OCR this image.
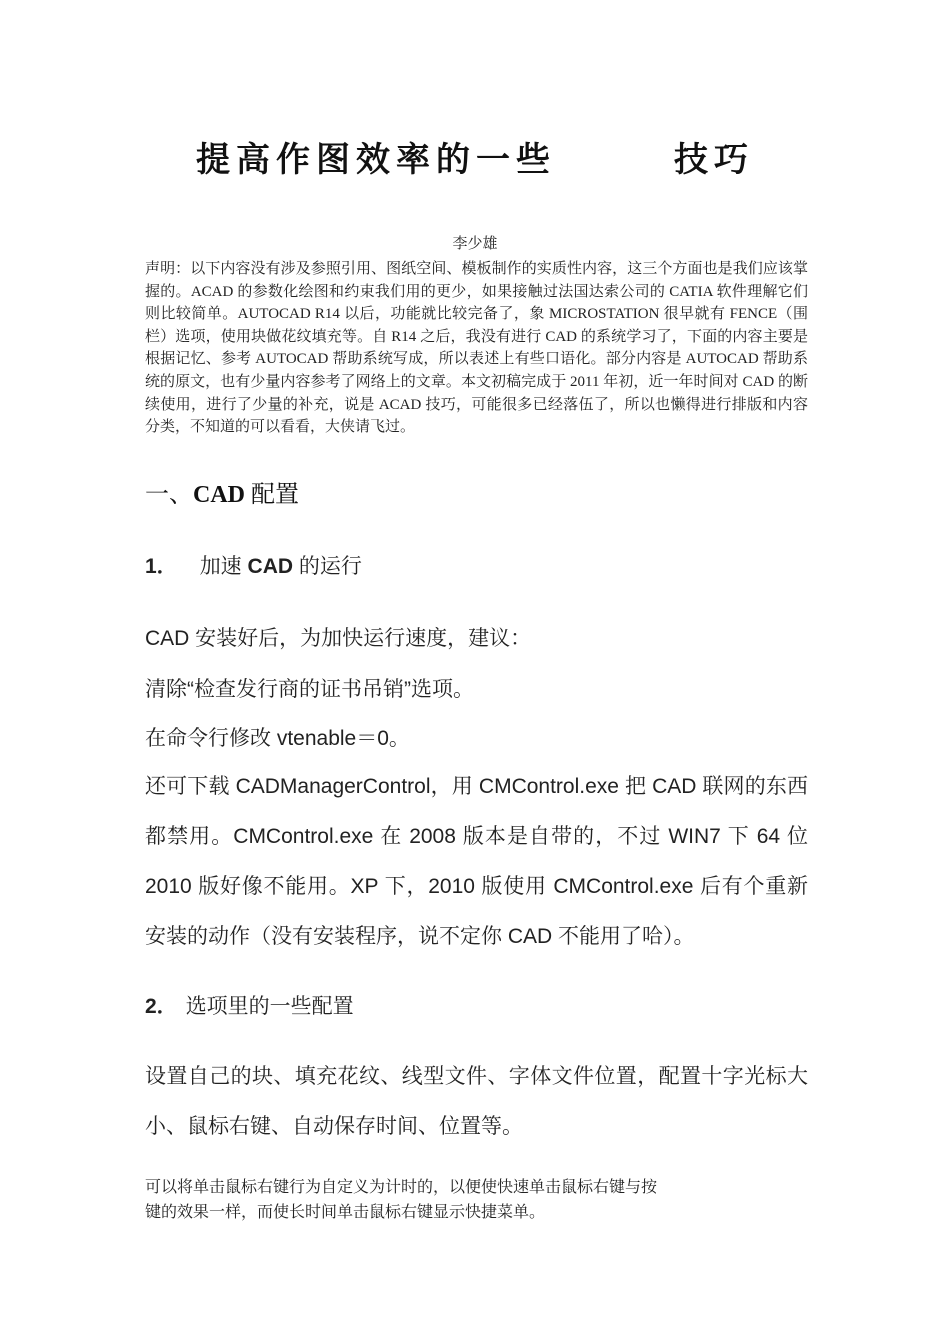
提高作图效率的一些	技巧
李少雄
声明：以下内容没有涉及参照引用、图纸空间、模板制作的实质性内容，这三个方面也是我们应该掌握的。ACAD 的参数化绘图和约束我们用的更少，如果接触过法国达索公司的 CATIA 软件理解它们则比较简单。AUTOCAD R14 以后，功能就比较完备了，象 MICROSTATION 很早就有 FENCE（围栏）选项，使用块做花纹填充等。自 R14 之后，我没有进行 CAD 的系统学习了，下面的内容主要是根据记忆、参考 AUTOCAD 帮助系统写成，所以表述上有些口语化。部分内容是 AUTOCAD 帮助系统的原文，也有少量内容参考了网络上的文章。本文初稿完成于 2011 年初，近一年时间对 CAD 的断续使用，进行了少量的补充，说是 ACAD 技巧，可能很多已经落伍了，所以也懒得进行排版和内容分类，不知道的可以看看，大侠请飞过。
一、CAD 配置
1． 加速 CAD 的运行
CAD 安装好后，为加快运行速度，建议：
清除“检查发行商的证书吊销”选项。
在命令行修改 vtenable＝0。
还可下载 CADManagerControl，用 CMControl.exe 把 CAD 联网的东西都禁用。CMControl.exe 在 2008 版本是自带的，不过 WIN7 下 64 位 2010 版好像不能用。XP 下，2010 版使用 CMControl.exe 后有个重新安装的动作（没有安装程序，说不定你 CAD 不能用了哈）。
2． 选项里的一些配置
设置自己的块、填充花纹、线型文件、字体文件位置，配置十字光标大小、鼠标右键、自动保存时间、位置等。
可以将单击鼠标右键行为自定义为计时的，以便使快速单击鼠标右键与按
键的效果一样，而使长时间单击鼠标右键显示快捷菜单。
